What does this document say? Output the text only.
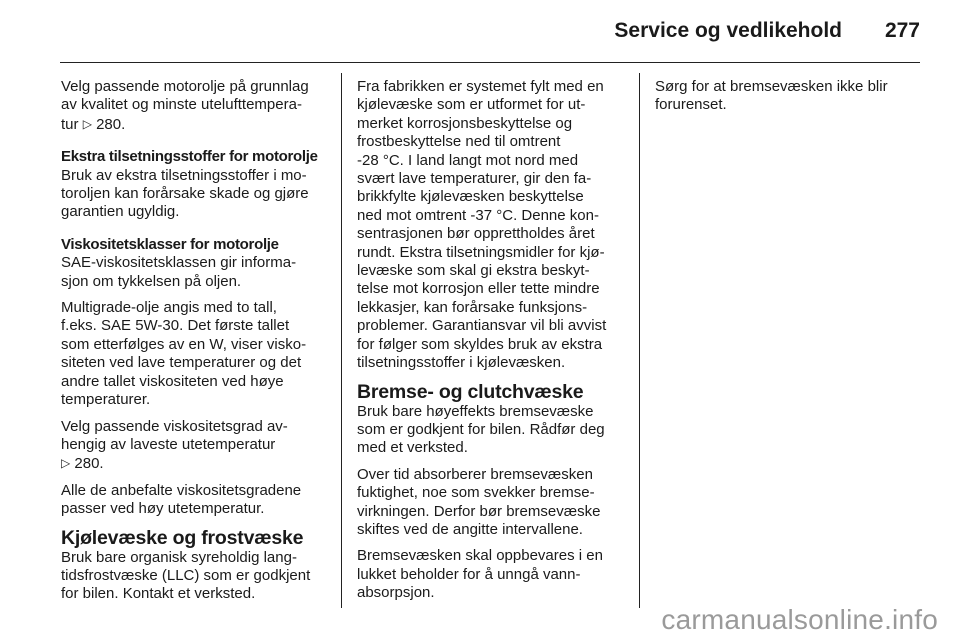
Service og vedlikehold 277

Velg passende motorolje på grunnlag
av kvalitet og minste utelufttempera-
tur ▷ 280.

Ekstra tilsetningsstoffer for motorolje

Bruk av ekstra tilsetningsstoffer i mo-
toroljen kan forårsake skade og gjøre
garantien ugyldig.

Viskositetsklasser for motorolje

SAE-viskositetsklassen gir informa-
sjon om tykkelsen på oljen.

Multigrade-olje angis med to tall,
f.eks. SAE 5W-30. Det første tallet
som etterfølges av en W, viser visko-
siteten ved lave temperaturer og det
andre tallet viskositeten ved høye
temperaturer.

Velg passende viskositetsgrad av-
hengig av laveste utetemperatur
▷ 280.

Alle de anbefalte viskositetsgradene
passer ved høy utetemperatur.

Kjølevæske og frostvæske

Bruk bare organisk syreholdig lang-
tidsfrostvæske (LLC) som er godkjent
for bilen. Kontakt et verksted.

Fra fabrikken er systemet fylt med en
kjølevæske som er utformet for ut-
merket korrosjonsbeskyttelse og
frostbeskyttelse ned til omtrent
-28 °C. I land langt mot nord med
svært lave temperaturer, gir den fa-
brikkfylte kjølevæsken beskyttelse
ned mot omtrent -37 °C. Denne kon-
sentrasjonen bør opprettholdes året
rundt. Ekstra tilsetningsmidler for kjø-
levæske som skal gi ekstra beskyt-
telse mot korrosjon eller tette mindre
lekkasjer, kan forårsake funksjons-
problemer. Garantiansvar vil bli avvist
for følger som skyldes bruk av ekstra
tilsetningsstoffer i kjølevæsken.

Bremse- og clutchvæske

Bruk bare høyeffekts bremsevæske
som er godkjent for bilen. Rådfør deg
med et verksted.

Over tid absorberer bremsevæsken
fuktighet, noe som svekker bremse-
virkningen. Derfor bør bremsevæske
skiftes ved de angitte intervallene.

Bremsevæsken skal oppbevares i en
lukket beholder for å unngå vann-
absorpsjon.

Sørg for at bremsevæsken ikke blir
forurenset.

carmanualsonline.info
